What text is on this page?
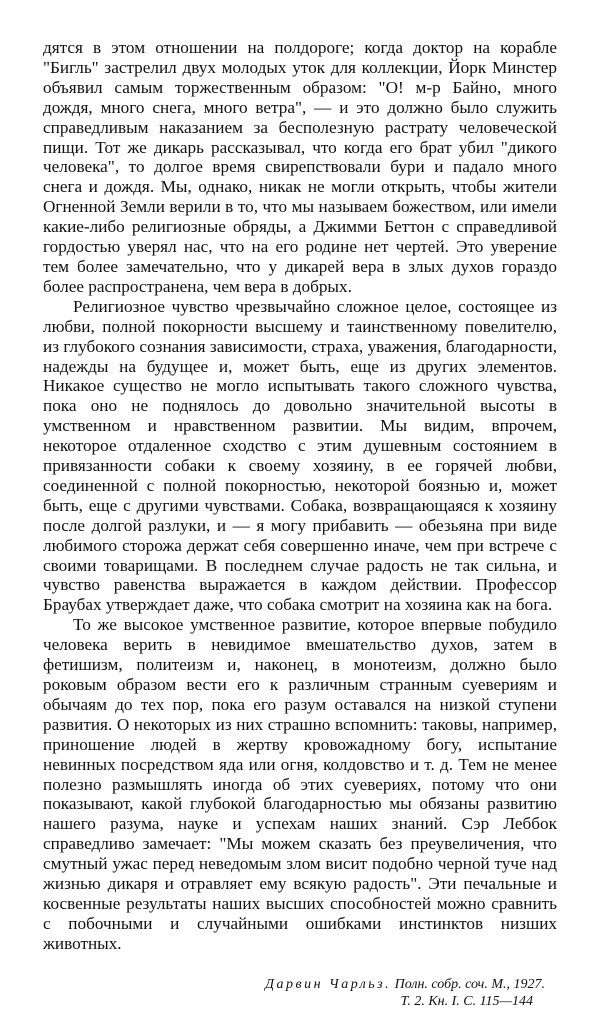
дятся в этом отношении на полдороге; когда доктор на корабле "Бигль" застрелил двух молодых уток для коллекции, Йорк Минстер объявил самым торжественным образом: "О! м-р Байно, много дождя, много снега, много ветра", — и это должно было служить справедливым наказанием за бесполезную растрату человеческой пищи. Тот же дикарь рассказывал, что когда его брат убил "дикого человека", то долгое время свирепствовали бури и падало много снега и дождя. Мы, однако, никак не могли открыть, чтобы жители Огненной Земли верили в то, что мы называем божеством, или имели какие-либо религиозные обряды, а Джимми Беттон с справедливой гордостью уверял нас, что на его родине нет чертей. Это уверение тем более замечательно, что у дикарей вера в злых духов гораздо более распространена, чем вера в добрых.

Религиозное чувство чрезвычайно сложное целое, состоящее из любви, полной покорности высшему и таинственному повелителю, из глубокого сознания зависимости, страха, уважения, благодарности, надежды на будущее и, может быть, еще из других элементов. Никакое существо не могло испытывать такого сложного чувства, пока оно не поднялось до довольно значительной высоты в умственном и нравственном развитии. Мы видим, впрочем, некоторое отдаленное сходство с этим душевным состоянием в привязанности собаки к своему хозяину, в ее горячей любви, соединенной с полной покорностью, некоторой боязнью и, может быть, еще с другими чувствами. Собака, возвращающаяся к хозяину после долгой разлуки, и — я могу прибавить — обезьяна при виде любимого сторожа держат себя совершенно иначе, чем при встрече с своими товарищами. В последнем случае радость не так сильна, и чувство равенства выражается в каждом действии. Профессор Браубах утверждает даже, что собака смотрит на хозяина как на бога.

То же высокое умственное развитие, которое впервые побудило человека верить в невидимое вмешательство духов, затем в фетишизм, политеизм и, наконец, в монотеизм, должно было роковым образом вести его к различным странным суевериям и обычаям до тех пор, пока его разум оставался на низкой ступени развития. О некоторых из них страшно вспомнить: таковы, например, приношение людей в жертву кровожадному богу, испытание невинных посредством яда или огня, колдовство и т. д. Тем не менее полезно размышлять иногда об этих суевериях, потому что они показывают, какой глубокой благодарностью мы обязаны развитию нашего разума, науке и успехам наших знаний. Сэр Леббок справедливо замечает: "Мы можем сказать без преувеличения, что смутный ужас перед неведомым злом висит подобно черной туче над жизнью дикаря и отравляет ему всякую радость". Эти печальные и косвенные результаты наших высших способностей можно сравнить с побочными и случайными ошибками инстинктов низших животных.

Дарвин Чарльз. Полн. собр. соч. М., 1927.
Т. 2. Кн. I. С. 115—144
